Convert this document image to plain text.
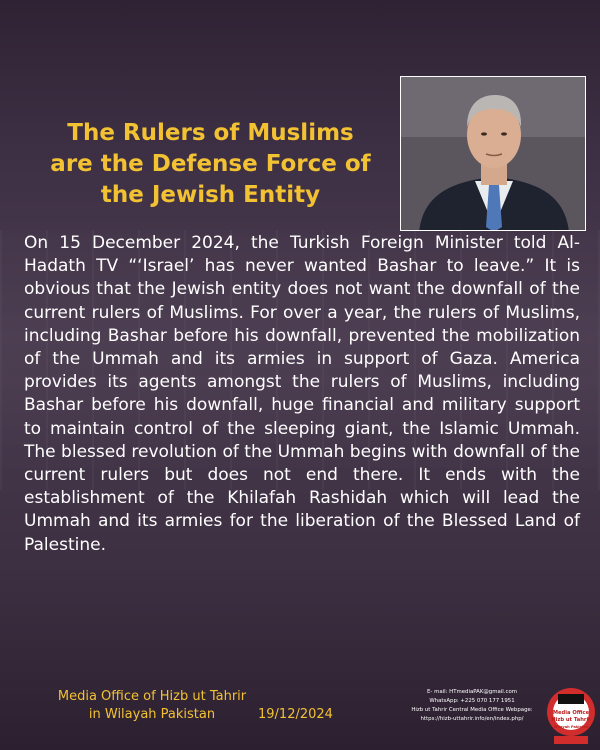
The Rulers of Muslims
are the Defense Force of
the Jewish Entity
On 15 December 2024, the Turkish Foreign Minister told Al-Hadath TV “‘Israel’ has never wanted Bashar to leave.” It is obvious that the Jewish entity does not want the downfall of the current rulers of Muslims. For over a year, the rulers of Muslims, including Bashar before his downfall, prevented the mobilization of the Ummah and its armies in support of Gaza. America provides its agents amongst the rulers of Muslims, including Bashar before his downfall, huge financial and military support to maintain control of the sleeping giant, the Islamic Ummah. The blessed revolution of the Ummah begins with downfall of the current rulers but does not end there. It ends with the establishment of the Khilafah Rashidah which will lead the Ummah and its armies for the liberation of the Blessed Land of Palestine.
Media Office of Hizb ut Tahrir
in Wilayah Pakistan	19/12/2024
E- mail: HTmediaPAK@gmail.com
WhatsApp: +225 070 177 1951
Hizb ut Tahrir Central Media Office Webpage:
https://hizb-uttahrir.info/en/index.php/
Media Office
Hizb ut Tahrir
Wilayah Pakistan
